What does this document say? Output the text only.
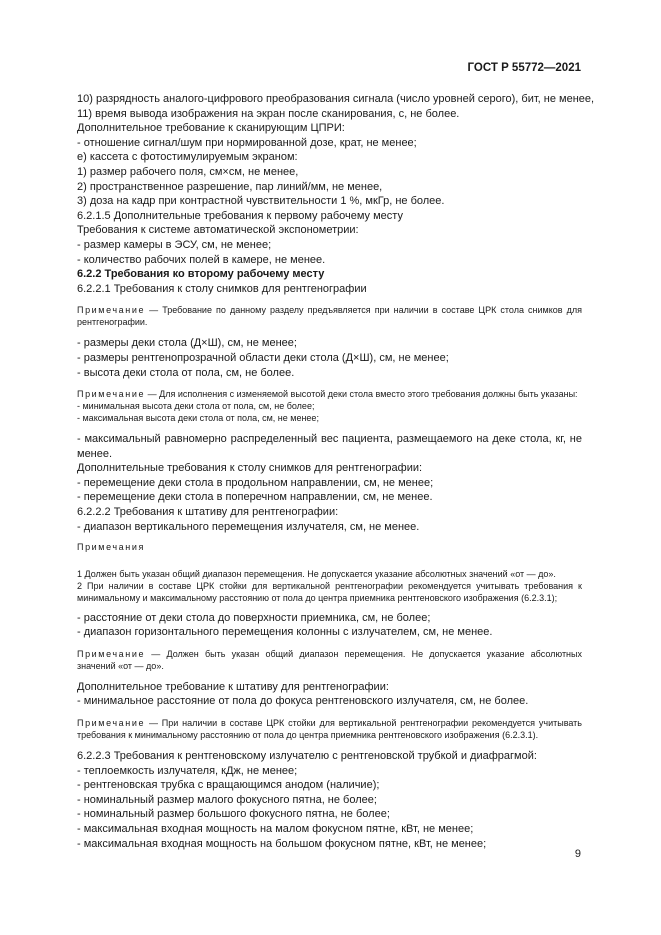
ГОСТ Р 55772—2021
10) разрядность аналого-цифрового преобразования сигнала (число уровней серого), бит, не менее,
11) время вывода изображения на экран после сканирования, с, не более.
Дополнительное требование к сканирующим ЦПРИ:
- отношение сигнал/шум при нормированной дозе, крат, не менее;
е) кассета с фотостимулируемым экраном:
1) размер рабочего поля, см×см, не менее,
2) пространственное разрешение, пар линий/мм, не менее,
3) доза на кадр при контрастной чувствительности 1 %, мкГр, не более.
6.2.1.5 Дополнительные требования к первому рабочему месту
Требования к системе автоматической экспонометрии:
- размер камеры в ЭСУ, см, не менее;
- количество рабочих полей в камере, не менее.
6.2.2 Требования ко второму рабочему месту
6.2.2.1 Требования к столу снимков для рентгенографии
Примечание — Требование по данному разделу предъявляется при наличии в составе ЦРК стола снимков для рентгенографии.
- размеры деки стола (Д×Ш), см, не менее;
- размеры рентгенопрозрачной области деки стола (Д×Ш), см, не менее;
- высота деки стола от пола, см, не более.
Примечание — Для исполнения с изменяемой высотой деки стола вместо этого требования должны быть указаны:
- минимальная высота деки стола от пола, см, не более;
- максимальная высота деки стола от пола, см, не менее;
- максимальный равномерно распределенный вес пациента, размещаемого на деке стола, кг, не менее.
Дополнительные требования к столу снимков для рентгенографии:
- перемещение деки стола в продольном направлении, см, не менее;
- перемещение деки стола в поперечном направлении, см, не менее.
6.2.2.2 Требования к штативу для рентгенографии:
- диапазон вертикального перемещения излучателя, см, не менее.
Примечания
1 Должен быть указан общий диапазон перемещения. Не допускается указание абсолютных значений «от — до».
2 При наличии в составе ЦРК стойки для вертикальной рентгенографии рекомендуется учитывать требования к минимальному и максимальному расстоянию от пола до центра приемника рентгеновского изображения (6.2.3.1);
- расстояние от деки стола до поверхности приемника, см, не более;
- диапазон горизонтального перемещения колонны с излучателем, см, не менее.
Примечание — Должен быть указан общий диапазон перемещения. Не допускается указание абсолютных значений «от — до».
Дополнительное требование к штативу для рентгенографии:
- минимальное расстояние от пола до фокуса рентгеновского излучателя, см, не более.
Примечание — При наличии в составе ЦРК стойки для вертикальной рентгенографии рекомендуется учитывать требования к минимальному расстоянию от пола до центра приемника рентгеновского изображения (6.2.3.1).
6.2.2.3 Требования к рентгеновскому излучателю с рентгеновской трубкой и диафрагмой:
- теплоемкость излучателя, кДж, не менее;
- рентгеновская трубка с вращающимся анодом (наличие);
- номинальный размер малого фокусного пятна, не более;
- номинальный размер большого фокусного пятна, не более;
- максимальная входная мощность на малом фокусном пятне, кВт, не менее;
- максимальная входная мощность на большом фокусном пятне, кВт, не менее;
9
